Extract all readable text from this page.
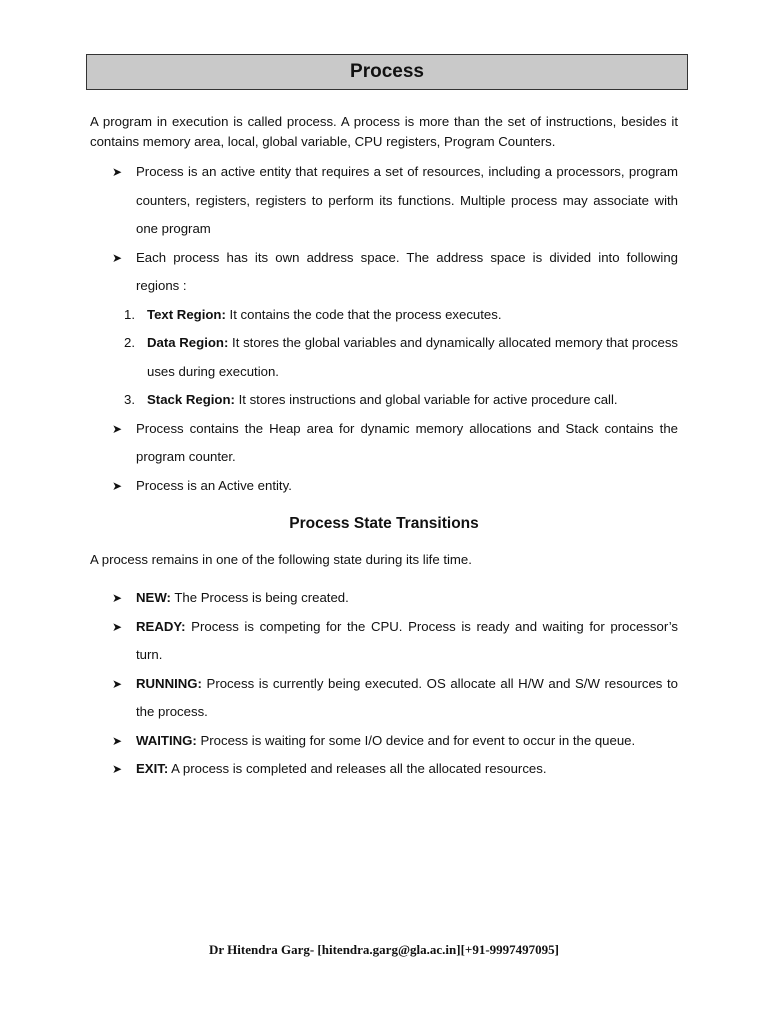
Process

A program in execution is called process. A process is more than the set of instructions, besides it contains memory area, local, global variable, CPU registers, Program Counters.

➤	Process is an active entity that requires a set of resources, including a processors, program counters, registers, registers to perform its functions. Multiple process may associate with one program
➤	Each process has its own address space. The address space is divided into following regions :
1. Text Region: It contains the code that the process executes.
2. Data Region: It stores the global variables and dynamically allocated memory that process uses during execution.
3. Stack Region: It stores instructions and global variable for active procedure call.
➤	Process contains the Heap area for dynamic memory allocations and Stack contains the program counter.
➤	Process is an Active entity.
Process State Transitions

A process remains in one of the following state during its life time.

➤	NEW: The Process is being created.
➤	READY: Process is competing for the CPU. Process is ready and waiting for processor’s turn.
➤	RUNNING: Process is currently being executed. OS allocate all H/W and S/W resources to the process.
➤	WAITING: Process is waiting for some I/O device and for event to occur in the queue.
➤	EXIT: A process is completed and releases all the allocated resources.
Dr Hitendra Garg- [hitendra.garg@gla.ac.in][+91-9997497095]
